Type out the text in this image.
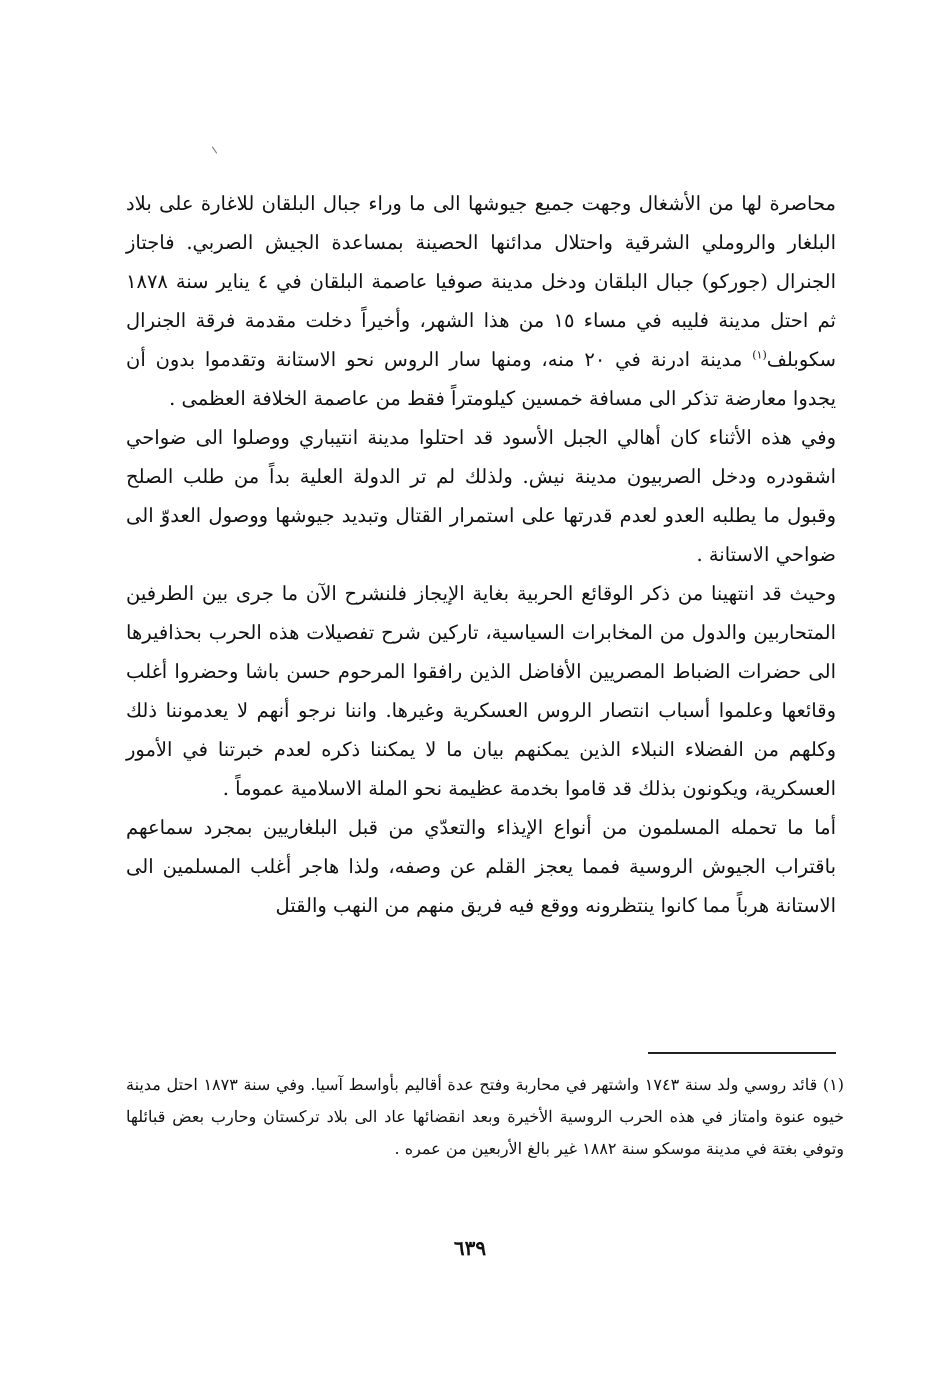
محاصرة لها من الأشغال وجهت جميع جيوشها الى ما وراء جبال البلقان للاغارة على بلاد البلغار والروملي الشرقية واحتلال مدائنها الحصينة بمساعدة الجيش الصربي. فاجتاز الجنرال (جوركو) جبال البلقان ودخل مدينة صوفيا عاصمة البلقان في ٤ يناير سنة ١٨٧٨ ثم احتل مدينة فليبه في مساء ١٥ من هذا الشهر، وأخيراً دخلت مقدمة فرقة الجنرال سكوبلف$^{(١)}$ مدينة ادرنة في ٢٠ منه، ومنها سار الروس نحو الاستانة وتقدموا بدون أن يجدوا معارضة تذكر الى مسافة خمسين كيلومتراً فقط من عاصمة الخلافة العظمى .

وفي هذه الأثناء كان أهالي الجبل الأسود قد احتلوا مدينة انتيباري ووصلوا الى ضواحي اشقودره ودخل الصربيون مدينة نيش. ولذلك لم تر الدولة العلية بداً من طلب الصلح وقبول ما يطلبه العدو لعدم قدرتها على استمرار القتال وتبديد جيوشها ووصول العدوّ الى ضواحي الاستانة .

وحيث قد انتهينا من ذكر الوقائع الحربية بغاية الإيجاز فلنشرح الآن ما جرى بين الطرفين المتحاربين والدول من المخابرات السياسية، تاركين شرح تفصيلات هذه الحرب بحذافيرها الى حضرات الضباط المصريين الأفاضل الذين رافقوا المرحوم حسن باشا وحضروا أغلب وقائعها وعلموا أسباب انتصار الروس العسكرية وغيرها. واننا نرجو أنهم لا يعدموننا ذلك وكلهم من الفضلاء النبلاء الذين يمكنهم بيان ما لا يمكننا ذكره لعدم خبرتنا في الأمور العسكرية، ويكونون بذلك قد قاموا بخدمة عظيمة نحو الملة الاسلامية عموماً .

أما ما تحمله المسلمون من أنواع الإيذاء والتعدّي من قبل البلغاريين بمجرد سماعهم باقتراب الجيوش الروسية فمما يعجز القلم عن وصفه، ولذا هاجر أغلب المسلمين الى الاستانة هرباً مما كانوا ينتظرونه ووقع فيه فريق منهم من النهب والقتل

(١) قائد روسي ولد سنة ١٧٤٣ واشتهر في محاربة وفتح عدة أقاليم بأواسط آسيا. وفي سنة ١٨٧٣ احتل مدينة خيوه عنوة وامتاز في هذه الحرب الروسية الأخيرة وبعد انقضائها عاد الى بلاد تركستان وحارب بعض قبائلها وتوفي بغتة في مدينة موسكو سنة ١٨٨٢ غير بالغ الأربعين من عمره .

٦٣٩
